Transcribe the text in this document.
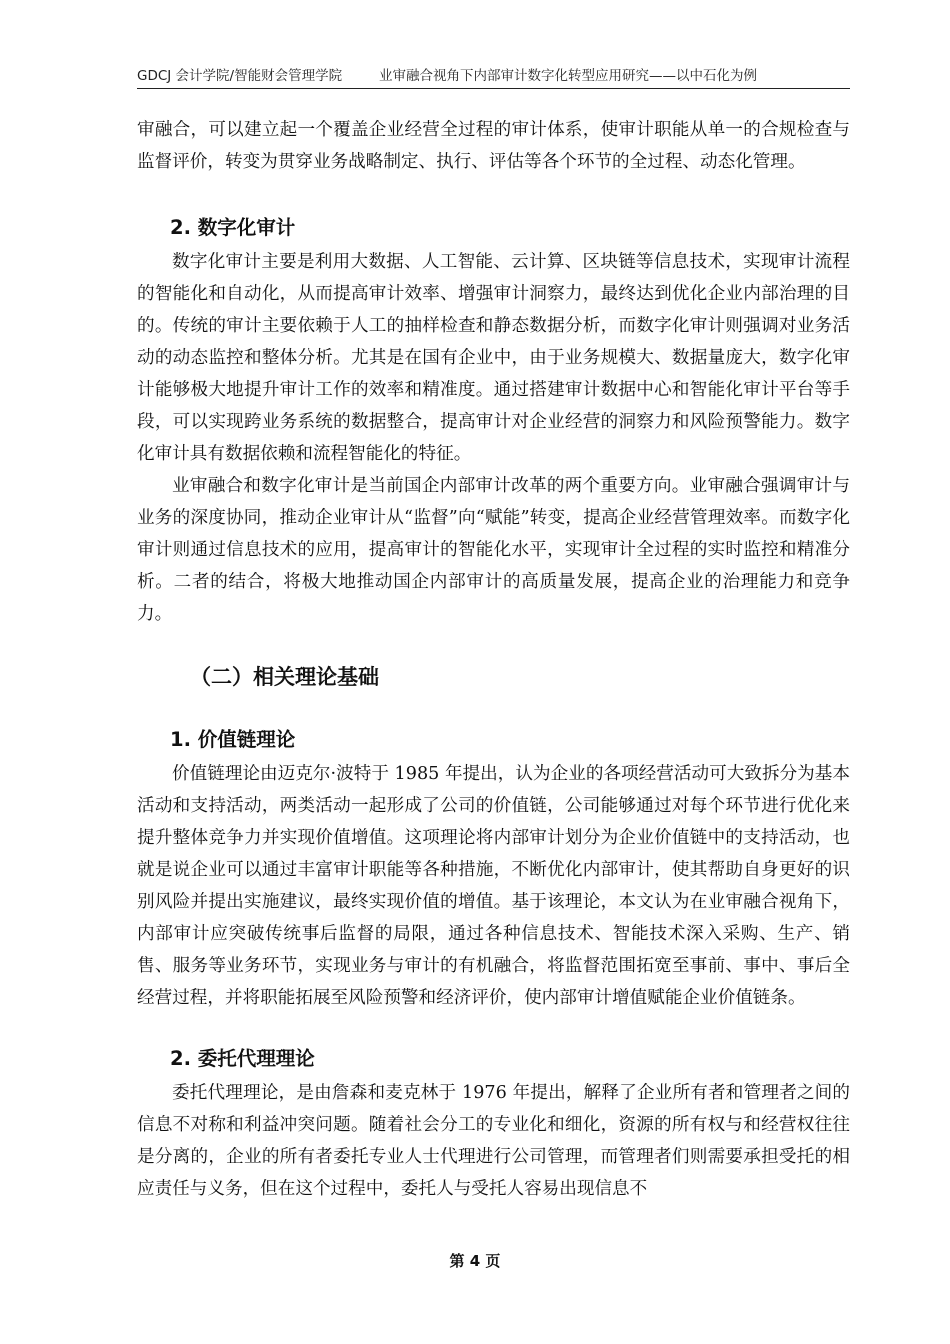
GDCJ 会计学院/智能财会管理学院	业审融合视角下内部审计数字化转型应用研究——以中石化为例

审融合，可以建立起一个覆盖企业经营全过程的审计体系，使审计职能从单一的合规检查与监督评价，转变为贯穿业务战略制定、执行、评估等各个环节的全过程、动态化管理。

2. 数字化审计

数字化审计主要是利用大数据、人工智能、云计算、区块链等信息技术，实现审计流程的智能化和自动化，从而提高审计效率、增强审计洞察力，最终达到优化企业内部治理的目的。传统的审计主要依赖于人工的抽样检查和静态数据分析，而数字化审计则强调对业务活动的动态监控和整体分析。尤其是在国有企业中，由于业务规模大、数据量庞大，数字化审计能够极大地提升审计工作的效率和精准度。通过搭建审计数据中心和智能化审计平台等手段，可以实现跨业务系统的数据整合，提高审计对企业经营的洞察力和风险预警能力。数字化审计具有数据依赖和流程智能化的特征。

业审融合和数字化审计是当前国企内部审计改革的两个重要方向。业审融合强调审计与业务的深度协同，推动企业审计从“监督”向“赋能”转变，提高企业经营管理效率。而数字化审计则通过信息技术的应用，提高审计的智能化水平，实现审计全过程的实时监控和精准分析。二者的结合，将极大地推动国企内部审计的高质量发展，提高企业的治理能力和竞争力。

（二）相关理论基础
1. 价值链理论

价值链理论由迈克尔·波特于 1985 年提出，认为企业的各项经营活动可大致拆分为基本活动和支持活动，两类活动一起形成了公司的价值链，公司能够通过对每个环节进行优化来提升整体竞争力并实现价值增值。这项理论将内部审计划分为企业价值链中的支持活动，也就是说企业可以通过丰富审计职能等各种措施，不断优化内部审计，使其帮助自身更好的识别风险并提出实施建议，最终实现价值的增值。基于该理论，本文认为在业审融合视角下，内部审计应突破传统事后监督的局限，通过各种信息技术、智能技术深入采购、生产、销售、服务等业务环节，实现业务与审计的有机融合，将监督范围拓宽至事前、事中、事后全经营过程，并将职能拓展至风险预警和经济评价，使内部审计增值赋能企业价值链条。

2. 委托代理理论

委托代理理论，是由詹森和麦克林于 1976 年提出，解释了企业所有者和管理者之间的信息不对称和利益冲突问题。随着社会分工的专业化和细化，资源的所有权与和经营权往往是分离的，企业的所有者委托专业人士代理进行公司管理，而管理者们则需要承担受托的相应责任与义务，但在这个过程中，委托人与受托人容易出现信息不

第 4 页
